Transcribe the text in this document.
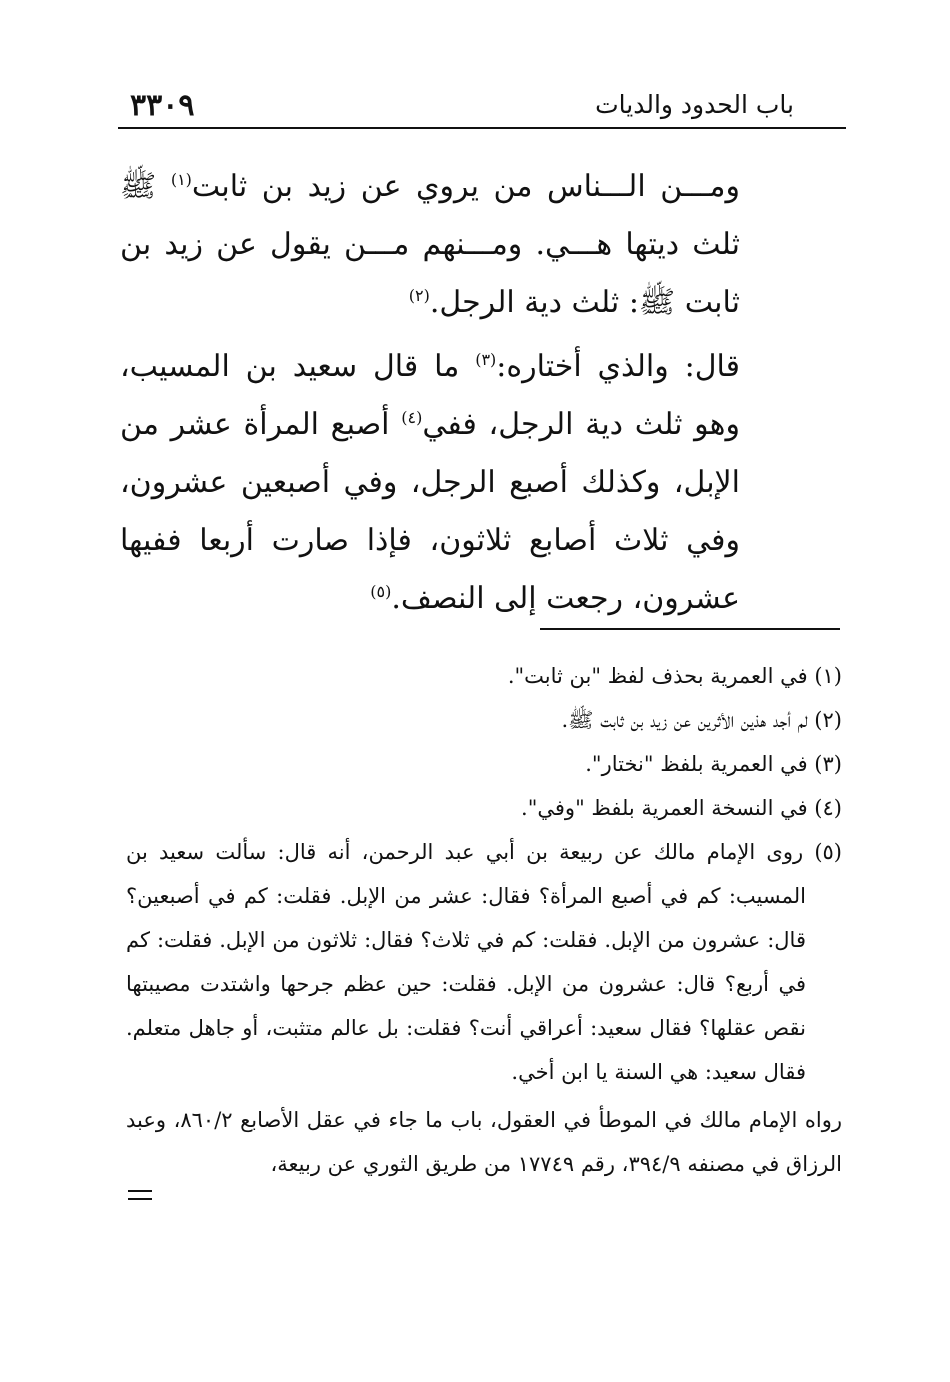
٣٣٠٩	باب الحدود والديات

ومـــن الـــناس من يروي عن زيد بن ثابت$^{(١)}$ ﷺ ثلث ديتها هـــي. ومـــنهم مـــن يقول عن زيد بن ثابت ﷺ: ثلث دية الرجل.$^{(٢)}$

قال: والذي أختاره:$^{(٣)}$ ما قال سعيد بن المسيب، وهو ثلث دية الرجل، ففي$^{(٤)}$ أصبع المرأة عشر من الإبل، وكذلك أصبع الرجل، وفي أصبعين عشرون، وفي ثلاث أصابع ثلاثون، فإذا صارت أربعا ففيها عشرون، رجعت إلى النصف.$^{(٥)}$

(١) في العمرية بحذف لفظ "بن ثابت".

(٢) لم أجد هذين الأثرين عن زيد بن ثابت ﷺ.

(٣) في العمرية بلفظ "نختار".

(٤) في النسخة العمرية بلفظ "وفي".

(٥) روى الإمام مالك عن ربيعة بن أبي عبد الرحمن، أنه قال: سألت سعيد بن المسيب: كم في أصبع المرأة؟ فقال: عشر من الإبل. فقلت: كم في أصبعين؟ قال: عشرون من الإبل. فقلت: كم في ثلاث؟ فقال: ثلاثون من الإبل. فقلت: كم في أربع؟ قال: عشرون من الإبل. فقلت: حين عظم جرحها واشتدت مصيبتها نقص عقلها؟ فقال سعيد: أعراقي أنت؟ فقلت: بل عالم متثبت، أو جاهل متعلم. فقال سعيد: هي السنة يا ابن أخي.

رواه الإمام مالك في الموطأ في العقول، باب ما جاء في عقل الأصابع ٨٦٠/٢، وعبد الرزاق في مصنفه ٣٩٤/٩، رقم ١٧٧٤٩ من طريق الثوري عن ربيعة،
